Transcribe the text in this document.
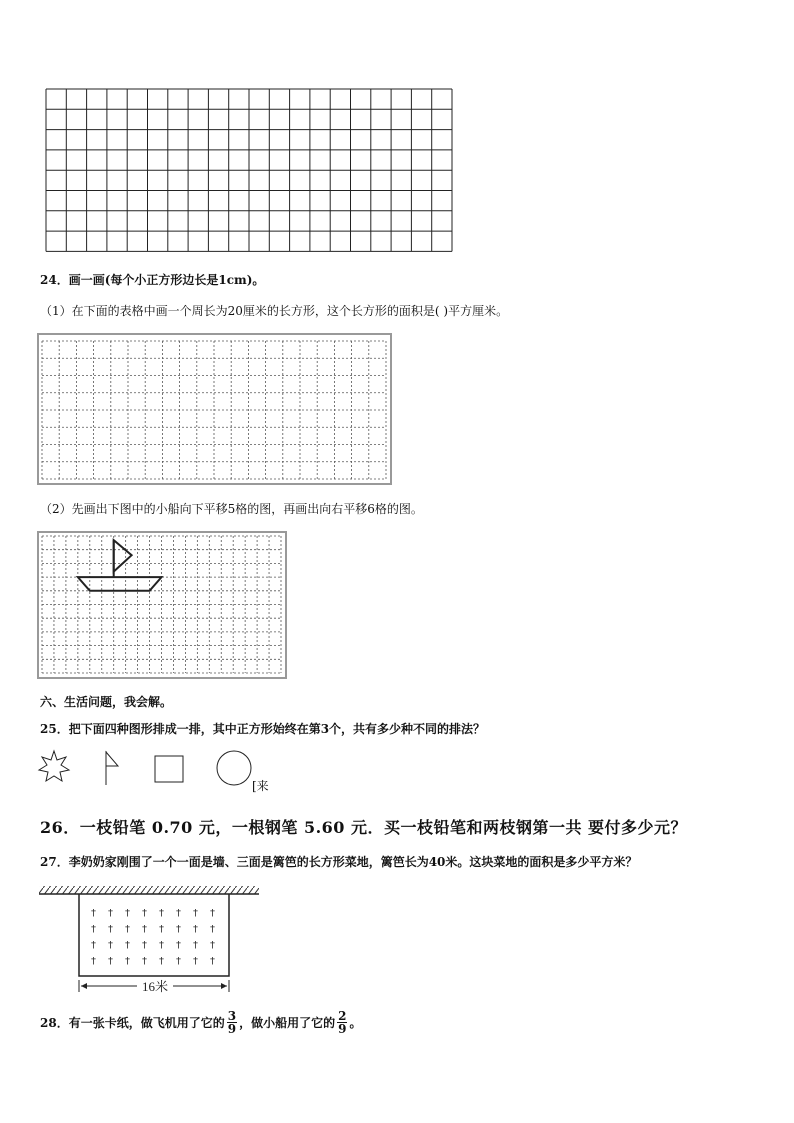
24．画一画(每个小正方形边长是1cm)。
（1）在下面的表格中画一个周长为20厘米的长方形，这个长方形的面积是( )平方厘米。
（2）先画出下图中的小船向下平移5格的图，再画出向右平移6格的图。
六、生活问题，我会解。
25．把下面四种图形排成一排，其中正方形始终在第3个，共有多少种不同的排法？
[来
26．一枝铅笔 0.70 元，一根钢笔 5.60 元．买一枝铅笔和两枝钢第一共 要付多少元？
27．李奶奶家刚围了一个一面是墙、三面是篱笆的长方形菜地，篱笆长为40米。这块菜地的面积是多少平方米？
† † † † † † † †
† † † † † † † †
† † † † † † † †
† † † † † † † †
16米
28．有一张卡纸，做飞机用了它的 $\frac{3}{9}$ ，做小船用了它的 $\frac{2}{9}$ 。
